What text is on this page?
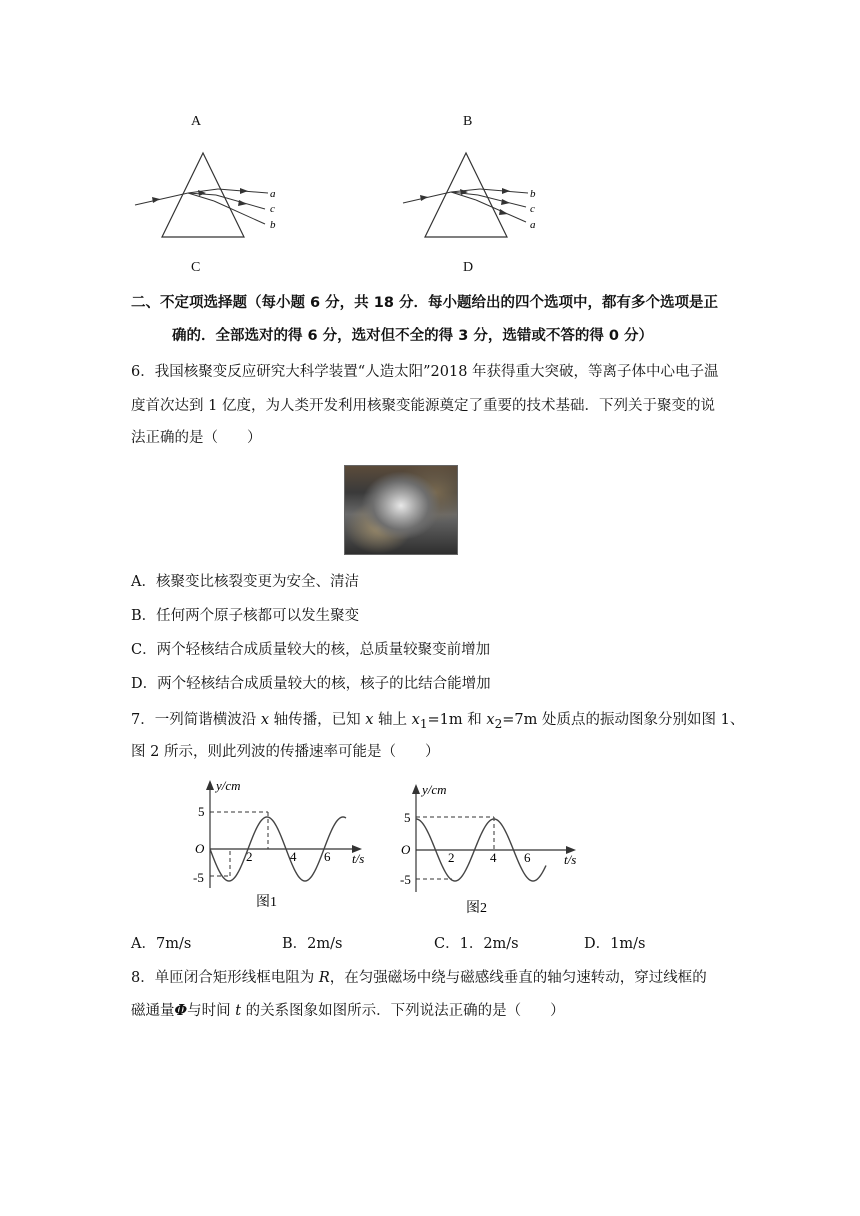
A	B
C	D
a
c
b
b
c
a
二、不定项选择题（每小题 6 分，共 18 分．每小题给出的四个选项中，都有多个选项是正
确的．全部选对的得 6 分，选对但不全的得 3 分，选错或不答的得 0 分）
6．我国核聚变反应研究大科学装置“人造太阳”2018 年获得重大突破，等离子体中心电子温
度首次达到 1 亿度，为人类开发利用核聚变能源奠定了重要的技术基础．下列关于聚变的说
法正确的是（　　）
A．核聚变比核裂变更为安全、清洁
B．任何两个原子核都可以发生聚变
C．两个轻核结合成质量较大的核，总质量较聚变前增加
D．两个轻核结合成质量较大的核，核子的比结合能增加
7．一列简谐横波沿 x 轴传播，已知 x 轴上 $x_1=1m$ 和 $x_2=7m$ 处质点的振动图象分别如图 1、
图 2 所示，则此列波的传播速率可能是（　　）
y/cm
t/s
O
5
-5
2	4 6
图1
y/cm
t/s
O
5
-5
2	4 6
图2
A．7m/s	B．2m/s	C．1．2m/s	D．1m/s
8．单匝闭合矩形线框电阻为 R，在匀强磁场中绕与磁感线垂直的轴匀速转动，穿过线框的
磁通量Φ与时间 t 的关系图象如图所示．下列说法正确的是（　　）
